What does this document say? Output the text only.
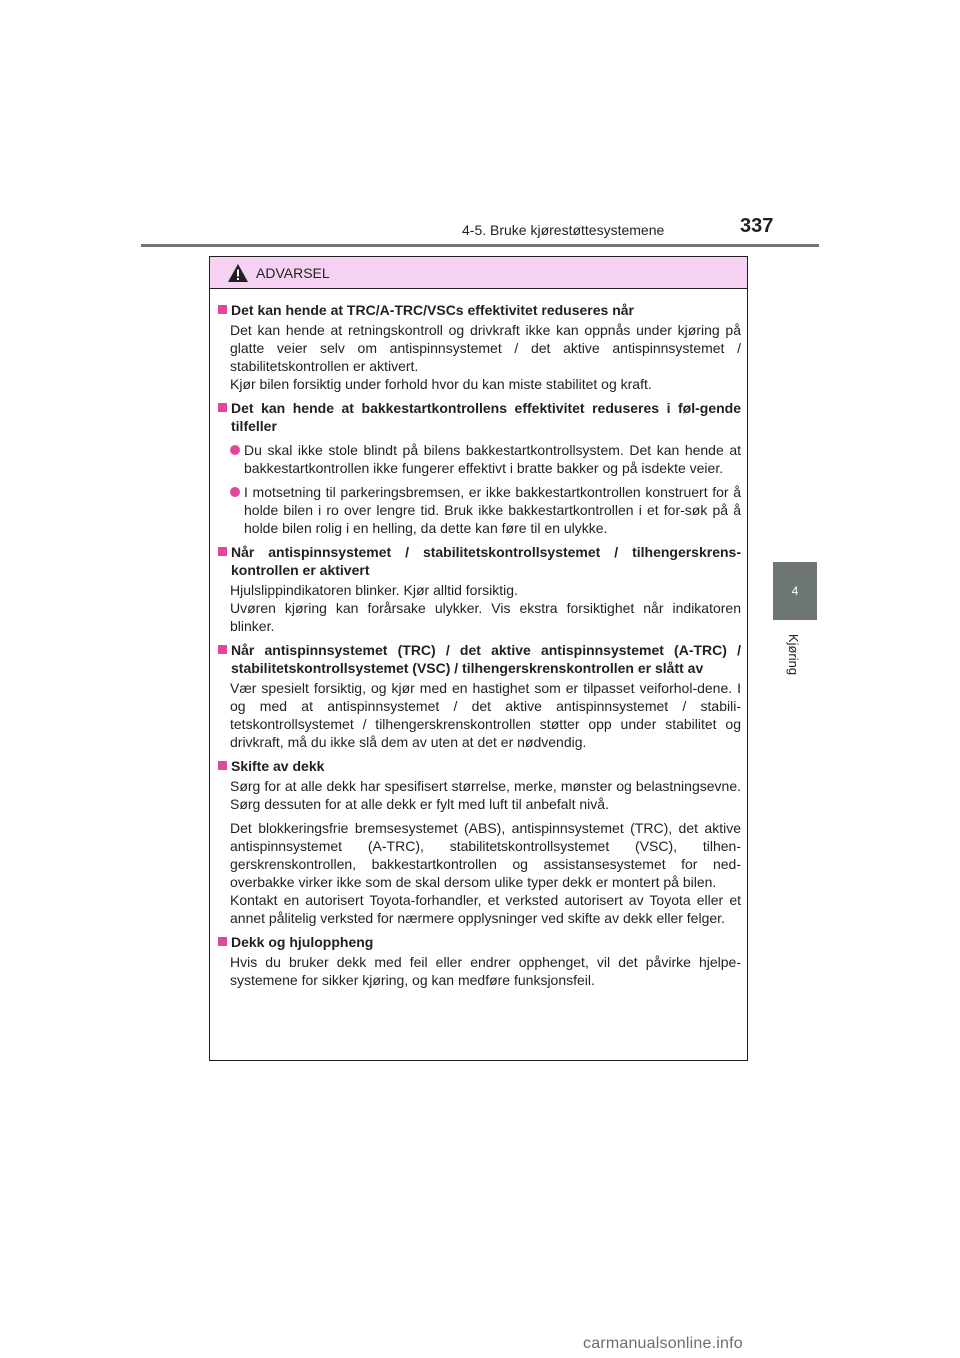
4-5. Bruke kjørestøttesystemene	337
4
Kjøring
ADVARSEL
Det kan hende at TRC/A-TRC/VSCs effektivitet reduseres når
Det kan hende at retningskontroll og drivkraft ikke kan oppnås under kjøring på glatte veier selv om antispinnsystemet / det aktive antispinnsystemet / stabilitetskontrollen er aktivert.
Kjør bilen forsiktig under forhold hvor du kan miste stabilitet og kraft.
Det kan hende at bakkestartkontrollens effektivitet reduseres i føl-gende tilfeller
Du skal ikke stole blindt på bilens bakkestartkontrollsystem. Det kan hende at bakkestartkontrollen ikke fungerer effektivt i bratte bakker og på isdekte veier.
I motsetning til parkeringsbremsen, er ikke bakkestartkontrollen konstruert for å holde bilen i ro over lengre tid. Bruk ikke bakkestartkontrollen i et for-søk på å holde bilen rolig i en helling, da dette kan føre til en ulykke.
Når antispinnsystemet / stabilitetskontrollsystemet / tilhengerskrens-kontrollen er aktivert
Hjulslippindikatoren blinker. Kjør alltid forsiktig.
Uvøren kjøring kan forårsake ulykker. Vis ekstra forsiktighet når indikatoren blinker.
Når antispinnsystemet (TRC) / det aktive antispinnsystemet (A-TRC) / stabilitetskontrollsystemet (VSC) / tilhengerskrenskontrollen er slått av
Vær spesielt forsiktig, og kjør med en hastighet som er tilpasset veiforhol-dene. I og med at antispinnsystemet / det aktive antispinnsystemet / stabili-tetskontrollsystemet / tilhengerskrenskontrollen støtter opp under stabilitet og drivkraft, må du ikke slå dem av uten at det er nødvendig.
Skifte av dekk
Sørg for at alle dekk har spesifisert størrelse, merke, mønster og belastningsevne. Sørg dessuten for at alle dekk er fylt med luft til anbefalt nivå.
Det blokkeringsfrie bremsesystemet (ABS), antispinnsystemet (TRC), det aktive antispinnsystemet (A-TRC), stabilitetskontrollsystemet (VSC), tilhen-gerskrenskontrollen, bakkestartkontrollen og assistansesystemet for ned-overbakke virker ikke som de skal dersom ulike typer dekk er montert på bilen.
Kontakt en autorisert Toyota-forhandler, et verksted autorisert av Toyota eller et annet pålitelig verksted for nærmere opplysninger ved skifte av dekk eller felger.
Dekk og hjuloppheng
Hvis du bruker dekk med feil eller endrer opphenget, vil det påvirke hjelpe-systemene for sikker kjøring, og kan medføre funksjonsfeil.
carmanualsonline.info
